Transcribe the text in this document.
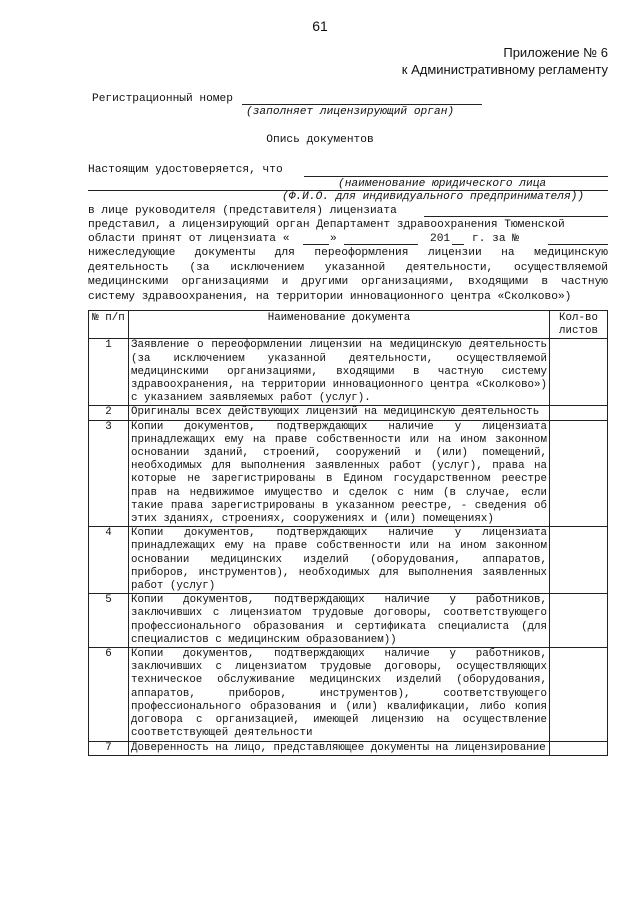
61
Приложение № 6
к Административному регламенту
Регистрационный номер
(заполняет лицензирующий орган)
Опись документов
Настоящим удостоверяется, что
(наименование юридического лица
(Ф.И.О. для индивидуального предпринимателя))
в лице руководителя (представителя) лицензиата
представил, а лицензирующий орган Департамент здравоохранения Тюменской
области принят от лицензиата «	»	201 г. за №
нижеследующие документы для переоформления лицензии на медицинскую деятельность (за исключением указанной деятельности, осуществляемой медицинскими организациями и другими организациями, входящими в частную систему здравоохранения, на территории инновационного центра «Сколково»)
№ п/п	Наименование документа	Кол-во листов
1	Заявление о переоформлении лицензии на медицинскую деятельность (за исключением указанной деятельности, осуществляемой медицинскими организациями, входящими в частную систему здравоохранения, на территории инновационного центра «Сколково») с указанием заявляемых работ (услуг).	
2	Оригиналы всех действующих лицензий на медицинскую деятельность	
3	Копии документов, подтверждающих наличие у лицензиата принадлежащих ему на праве собственности или на ином законном основании зданий, строений, сооружений и (или) помещений, необходимых для выполнения заявленных работ (услуг), права на которые не зарегистрированы в Едином государственном реестре прав на недвижимое имущество и сделок с ним (в случае, если такие права зарегистрированы в указанном реестре, - сведения об этих зданиях, строениях, сооружениях и (или) помещениях)	
4	Копии документов, подтверждающих наличие у лицензиата принадлежащих ему на праве собственности или на ином законном основании медицинских изделий (оборудования, аппаратов, приборов, инструментов), необходимых для выполнения заявленных работ (услуг)	
5	Копии документов, подтверждающих наличие у работников, заключивших с лицензиатом трудовые договоры, соответствующего профессионального образования и сертификата специалиста (для специалистов с медицинским образованием))	
6	Копии документов, подтверждающих наличие у работников, заключивших с лицензиатом трудовые договоры, осуществляющих техническое обслуживание медицинских изделий (оборудования, аппаратов, приборов, инструментов), соответствующего профессионального образования и (или) квалификации, либо копия договора с организацией, имеющей лицензию на осуществление соответствующей деятельности	
7	Доверенность на лицо, представляющее документы на лицензирование	
